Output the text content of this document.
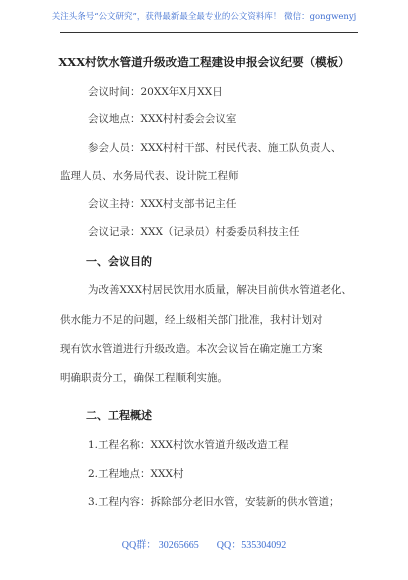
关注头条号“公文研究”，获得最新最全最专业的公文资料库！ 微信：gongwenyj
XXX村饮水管道升级改造工程建设申报会议纪要（模板）
会议时间：20XX年X月XX日
会议地点：XXX村村委会会议室
参会人员：XXX村村干部、村民代表、施工队负责人、
监理人员、水务局代表、设计院工程师
会议主持：XXX村支部书记主任
会议记录：XXX（记录员）村委委员科技主任
一、会议目的
为改善XXX村居民饮用水质量，解决目前供水管道老化、
供水能力不足的问题，经上级相关部门批准，我村计划对
现有饮水管道进行升级改造。本次会议旨在确定施工方案
明确职责分工，确保工程顺利实施。
二、工程概述
1.工程名称：XXX村饮水管道升级改造工程
2.工程地点：XXX村
3.工程内容：拆除部分老旧水管，安装新的供水管道；
QQ群： 30265665 QQ：535304092
